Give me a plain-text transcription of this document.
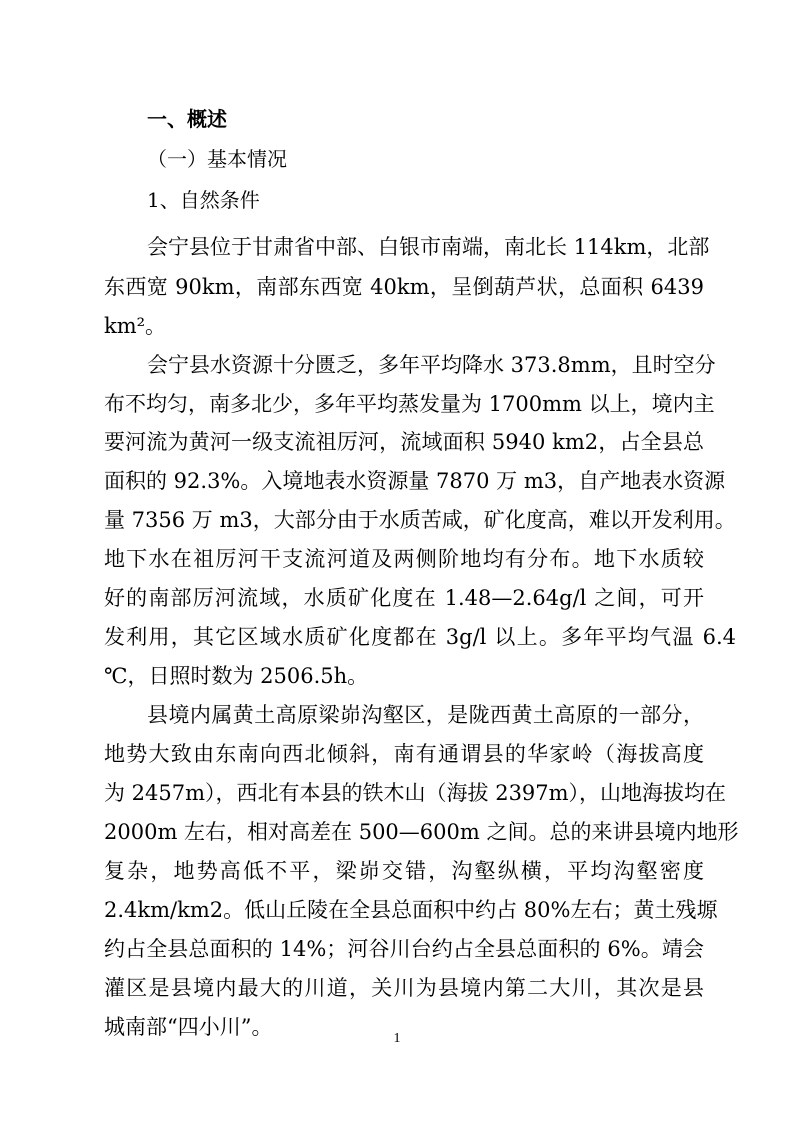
一、概述
（一）基本情况
1、自然条件
会宁县位于甘肃省中部、白银市南端，南北长 114km，北部
东西宽 90km，南部东西宽 40km，呈倒葫芦状，总面积 6439
km²。
会宁县水资源十分匮乏，多年平均降水 373.8mm，且时空分
布不均匀，南多北少，多年平均蒸发量为 1700mm 以上，境内主
要河流为黄河一级支流祖厉河，流域面积 5940 km2，占全县总
面积的 92.3%。入境地表水资源量 7870 万 m3，自产地表水资源
量 7356 万 m3，大部分由于水质苦咸，矿化度高，难以开发利用。
地下水在祖厉河干支流河道及两侧阶地均有分布。地下水质较
好的南部厉河流域，水质矿化度在 1.48—2.64g/l 之间，可开
发利用，其它区域水质矿化度都在 3g/l 以上。多年平均气温 6.4
℃，日照时数为 2506.5h。
县境内属黄土高原梁峁沟壑区，是陇西黄土高原的一部分，
地势大致由东南向西北倾斜，南有通谓县的华家岭（海拔高度
为 2457m），西北有本县的铁木山（海拔 2397m），山地海拔均在
2000m 左右，相对高差在 500—600m 之间。总的来讲县境内地形
复杂，地势高低不平，梁峁交错，沟壑纵横，平均沟壑密度
2.4km/km2。低山丘陵在全县总面积中约占 80%左右；黄土残塬
约占全县总面积的 14%；河谷川台约占全县总面积的 6%。靖会
灌区是县境内最大的川道，关川为县境内第二大川，其次是县
城南部“四小川”。	1
